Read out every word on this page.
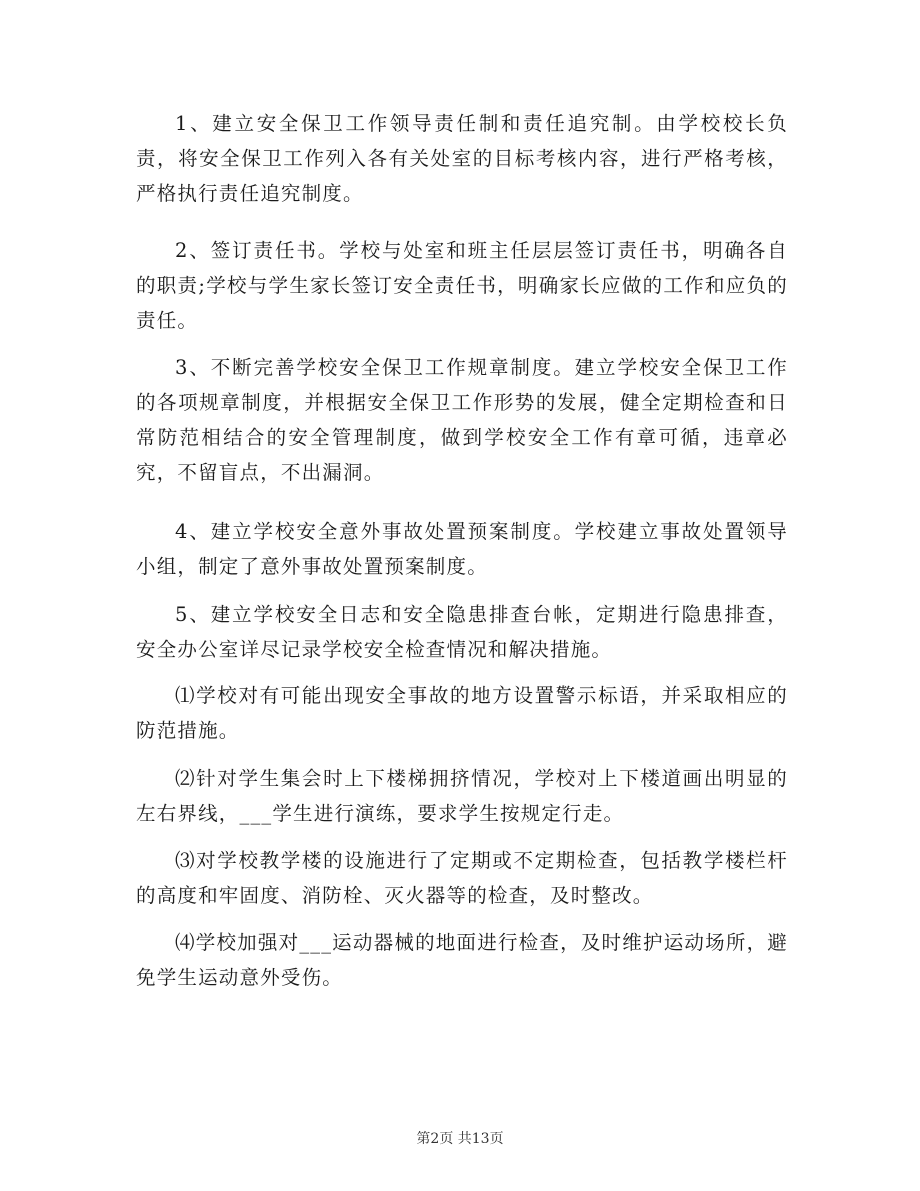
1、建立安全保卫工作领导责任制和责任追究制。由学校校长负责，将安全保卫工作列入各有关处室的目标考核内容，进行严格考核，严格执行责任追究制度。

2、签订责任书。学校与处室和班主任层层签订责任书，明确各自的职责;学校与学生家长签订安全责任书，明确家长应做的工作和应负的责任。

3、不断完善学校安全保卫工作规章制度。建立学校安全保卫工作的各项规章制度，并根据安全保卫工作形势的发展，健全定期检查和日常防范相结合的安全管理制度，做到学校安全工作有章可循，违章必究，不留盲点，不出漏洞。

4、建立学校安全意外事故处置预案制度。学校建立事故处置领导小组，制定了意外事故处置预案制度。

5、建立学校安全日志和安全隐患排查台帐，定期进行隐患排查，安全办公室详尽记录学校安全检查情况和解决措施。

⑴学校对有可能出现安全事故的地方设置警示标语，并采取相应的防范措施。

⑵针对学生集会时上下楼梯拥挤情况，学校对上下楼道画出明显的左右界线，___学生进行演练，要求学生按规定行走。

⑶对学校教学楼的设施进行了定期或不定期检查，包括教学楼栏杆的高度和牢固度、消防栓、灭火器等的检查，及时整改。

⑷学校加强对___运动器械的地面进行检查，及时维护运动场所，避免学生运动意外受伤。

第2页 共13页
